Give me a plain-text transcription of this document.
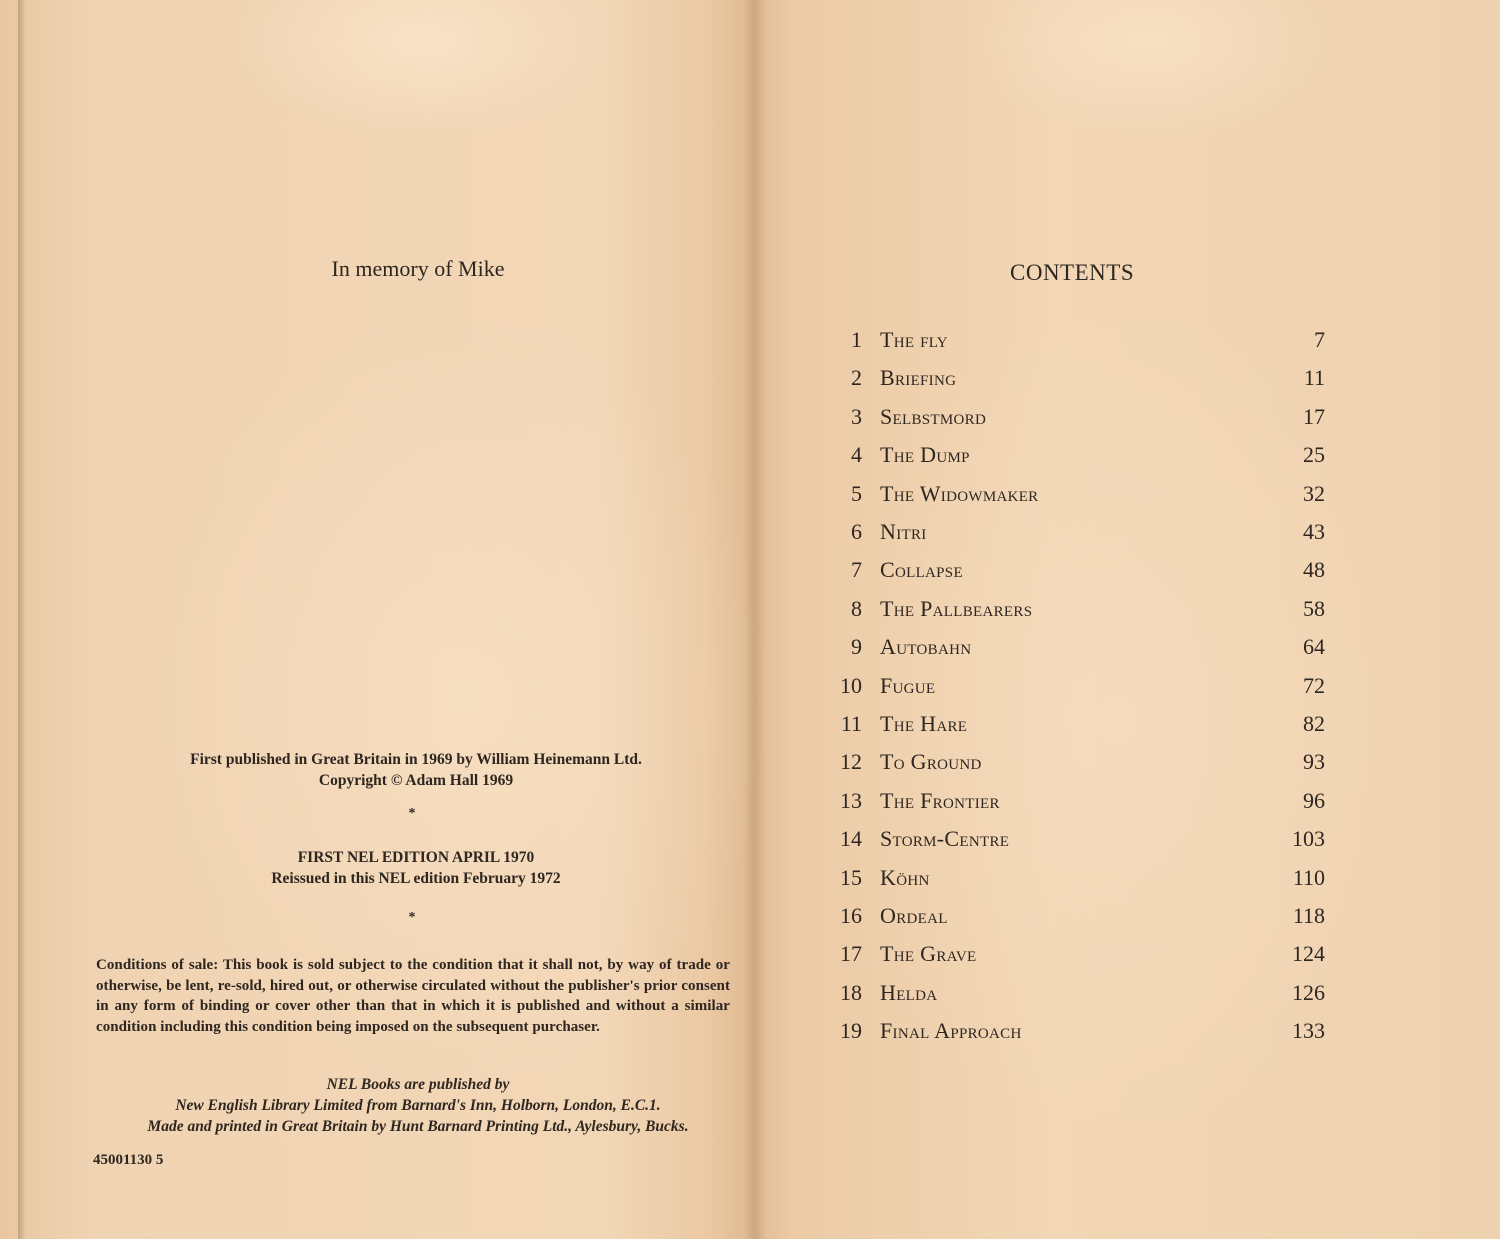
In memory of Mike
First published in Great Britain in 1969 by William Heinemann Ltd.
Copyright © Adam Hall 1969
*
FIRST NEL EDITION APRIL 1970
Reissued in this NEL edition February 1972
*
Conditions of sale: This book is sold subject to the condition that it shall not, by way of trade or otherwise, be lent, re-sold, hired out, or otherwise circulated without the publisher's prior consent in any form of binding or cover other than that in which it is published and without a similar condition including this condition being imposed on the subsequent purchaser.
NEL Books are published by
New English Library Limited from Barnard's Inn, Holborn, London, E.C.1.
Made and printed in Great Britain by Hunt Barnard Printing Ltd., Aylesbury, Bucks.
45001130 5
CONTENTS
1 The fly	7
2 Briefing	11
3 Selbstmord	17
4 The Dump	25
5 The Widowmaker	32
6 Nitri	43
7 Collapse	48
8 The Pallbearers	58
9 Autobahn	64
10 Fugue	72
11 The Hare	82
12 To Ground	93
13 The Frontier	96
14 Storm-Centre	103
15 Köhn	110
16 Ordeal	118
17 The Grave	124
18 Helda	126
19 Final Approach	133
